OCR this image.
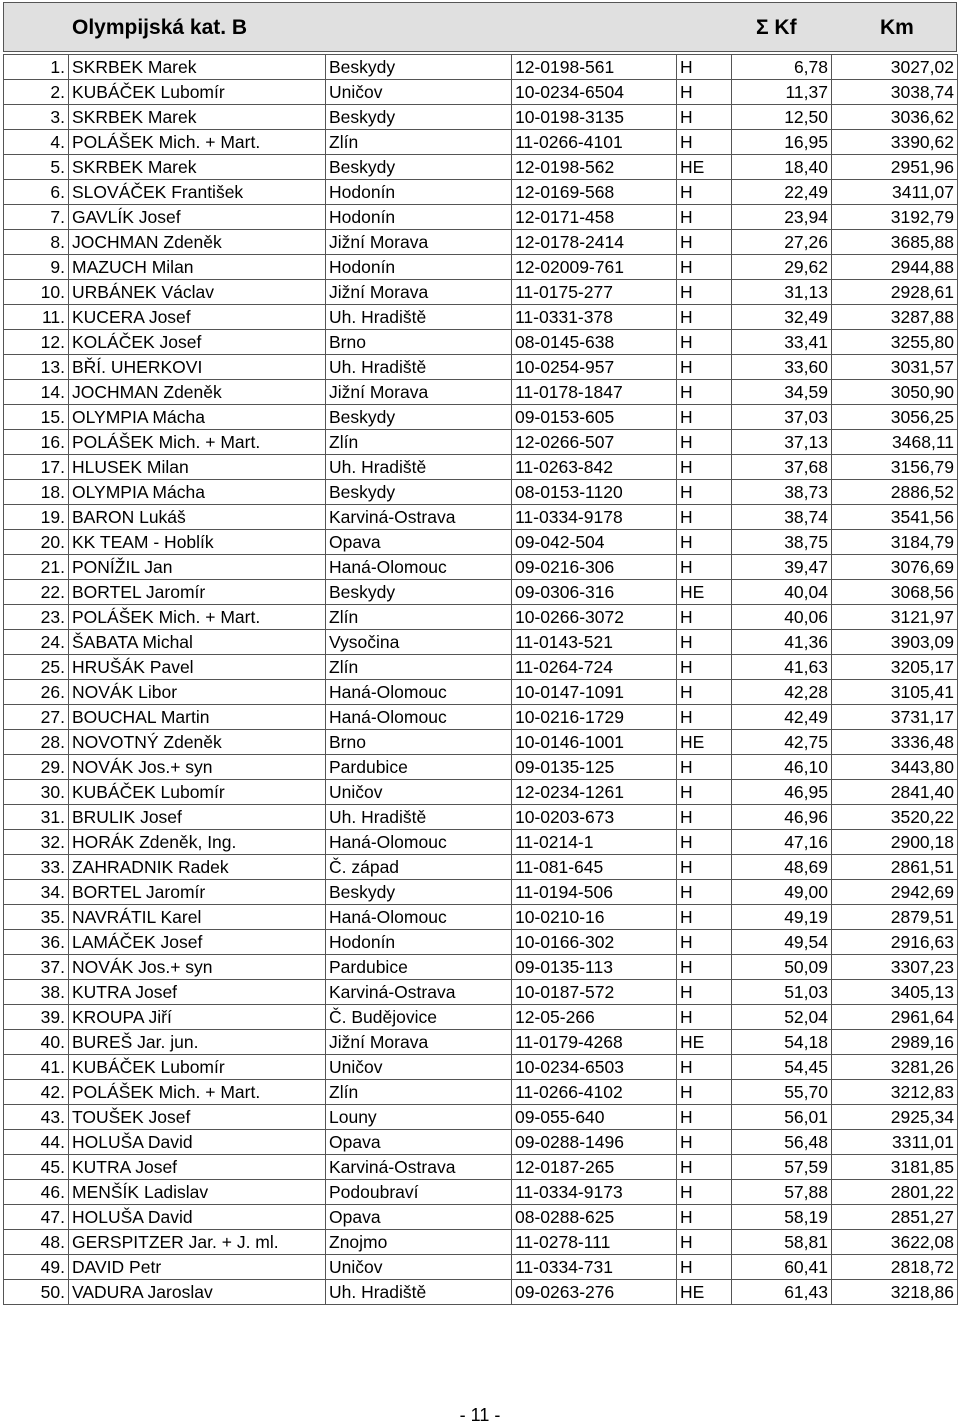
Olympijská kat. B	Σ Kf	Km
1.	SKRBEK Marek	Beskydy	12-0198-561	H	6,78	3027,02
2.	KUBÁČEK Lubomír	Uničov	10-0234-6504	H	11,37	3038,74
3.	SKRBEK Marek	Beskydy	10-0198-3135	H	12,50	3036,62
4.	POLÁŠEK Mich. + Mart.	Zlín	11-0266-4101	H	16,95	3390,62
5.	SKRBEK Marek	Beskydy	12-0198-562	HE	18,40	2951,96
6.	SLOVÁČEK František	Hodonín	12-0169-568	H	22,49	3411,07
7.	GAVLÍK Josef	Hodonín	12-0171-458	H	23,94	3192,79
8.	JOCHMAN Zdeněk	Jižní Morava	12-0178-2414	H	27,26	3685,88
9.	MAZUCH Milan	Hodonín	12-02009-761	H	29,62	2944,88
10.	URBÁNEK Václav	Jižní Morava	11-0175-277	H	31,13	2928,61
11.	KUCERA Josef	Uh. Hradiště	11-0331-378	H	32,49	3287,88
12.	KOLÁČEK Josef	Brno	08-0145-638	H	33,41	3255,80
13.	BŘÍ. UHERKOVI	Uh. Hradiště	10-0254-957	H	33,60	3031,57
14.	JOCHMAN Zdeněk	Jižní Morava	11-0178-1847	H	34,59	3050,90
15.	OLYMPIA Mácha	Beskydy	09-0153-605	H	37,03	3056,25
16.	POLÁŠEK Mich. + Mart.	Zlín	12-0266-507	H	37,13	3468,11
17.	HLUSEK Milan	Uh. Hradiště	11-0263-842	H	37,68	3156,79
18.	OLYMPIA Mácha	Beskydy	08-0153-1120	H	38,73	2886,52
19.	BARON Lukáš	Karviná-Ostrava	11-0334-9178	H	38,74	3541,56
20.	KK TEAM - Hoblík	Opava	09-042-504	H	38,75	3184,79
21.	PONÍŽIL Jan	Haná-Olomouc	09-0216-306	H	39,47	3076,69
22.	BORTEL Jaromír	Beskydy	09-0306-316	HE	40,04	3068,56
23.	POLÁŠEK Mich. + Mart.	Zlín	10-0266-3072	H	40,06	3121,97
24.	ŠABATA Michal	Vysočina	11-0143-521	H	41,36	3903,09
25.	HRUŠÁK Pavel	Zlín	11-0264-724	H	41,63	3205,17
26.	NOVÁK Libor	Haná-Olomouc	10-0147-1091	H	42,28	3105,41
27.	BOUCHAL Martin	Haná-Olomouc	10-0216-1729	H	42,49	3731,17
28.	NOVOTNÝ Zdeněk	Brno	10-0146-1001	HE	42,75	3336,48
29.	NOVÁK Jos.+ syn	Pardubice	09-0135-125	H	46,10	3443,80
30.	KUBÁČEK Lubomír	Uničov	12-0234-1261	H	46,95	2841,40
31.	BRULIK Josef	Uh. Hradiště	10-0203-673	H	46,96	3520,22
32.	HORÁK Zdeněk, Ing.	Haná-Olomouc	11-0214-1	H	47,16	2900,18
33.	ZAHRADNIK Radek	Č. západ	11-081-645	H	48,69	2861,51
34.	BORTEL Jaromír	Beskydy	11-0194-506	H	49,00	2942,69
35.	NAVRÁTIL Karel	Haná-Olomouc	10-0210-16	H	49,19	2879,51
36.	LAMÁČEK Josef	Hodonín	10-0166-302	H	49,54	2916,63
37.	NOVÁK Jos.+ syn	Pardubice	09-0135-113	H	50,09	3307,23
38.	KUTRA Josef	Karviná-Ostrava	10-0187-572	H	51,03	3405,13
39.	KROUPA Jiří	Č. Budějovice	12-05-266	H	52,04	2961,64
40.	BUREŠ Jar. jun.	Jižní Morava	11-0179-4268	HE	54,18	2989,16
41.	KUBÁČEK Lubomír	Uničov	10-0234-6503	H	54,45	3281,26
42.	POLÁŠEK Mich. + Mart.	Zlín	11-0266-4102	H	55,70	3212,83
43.	TOUŠEK Josef	Louny	09-055-640	H	56,01	2925,34
44.	HOLUŠA David	Opava	09-0288-1496	H	56,48	3311,01
45.	KUTRA Josef	Karviná-Ostrava	12-0187-265	H	57,59	3181,85
46.	MENŠÍK Ladislav	Podoubraví	11-0334-9173	H	57,88	2801,22
47.	HOLUŠA David	Opava	08-0288-625	H	58,19	2851,27
48.	GERSPITZER Jar. + J. ml.	Znojmo	11-0278-111	H	58,81	3622,08
49.	DAVID Petr	Uničov	11-0334-731	H	60,41	2818,72
50.	VADURA Jaroslav	Uh. Hradiště	09-0263-276	HE	61,43	3218,86
- 11 -
